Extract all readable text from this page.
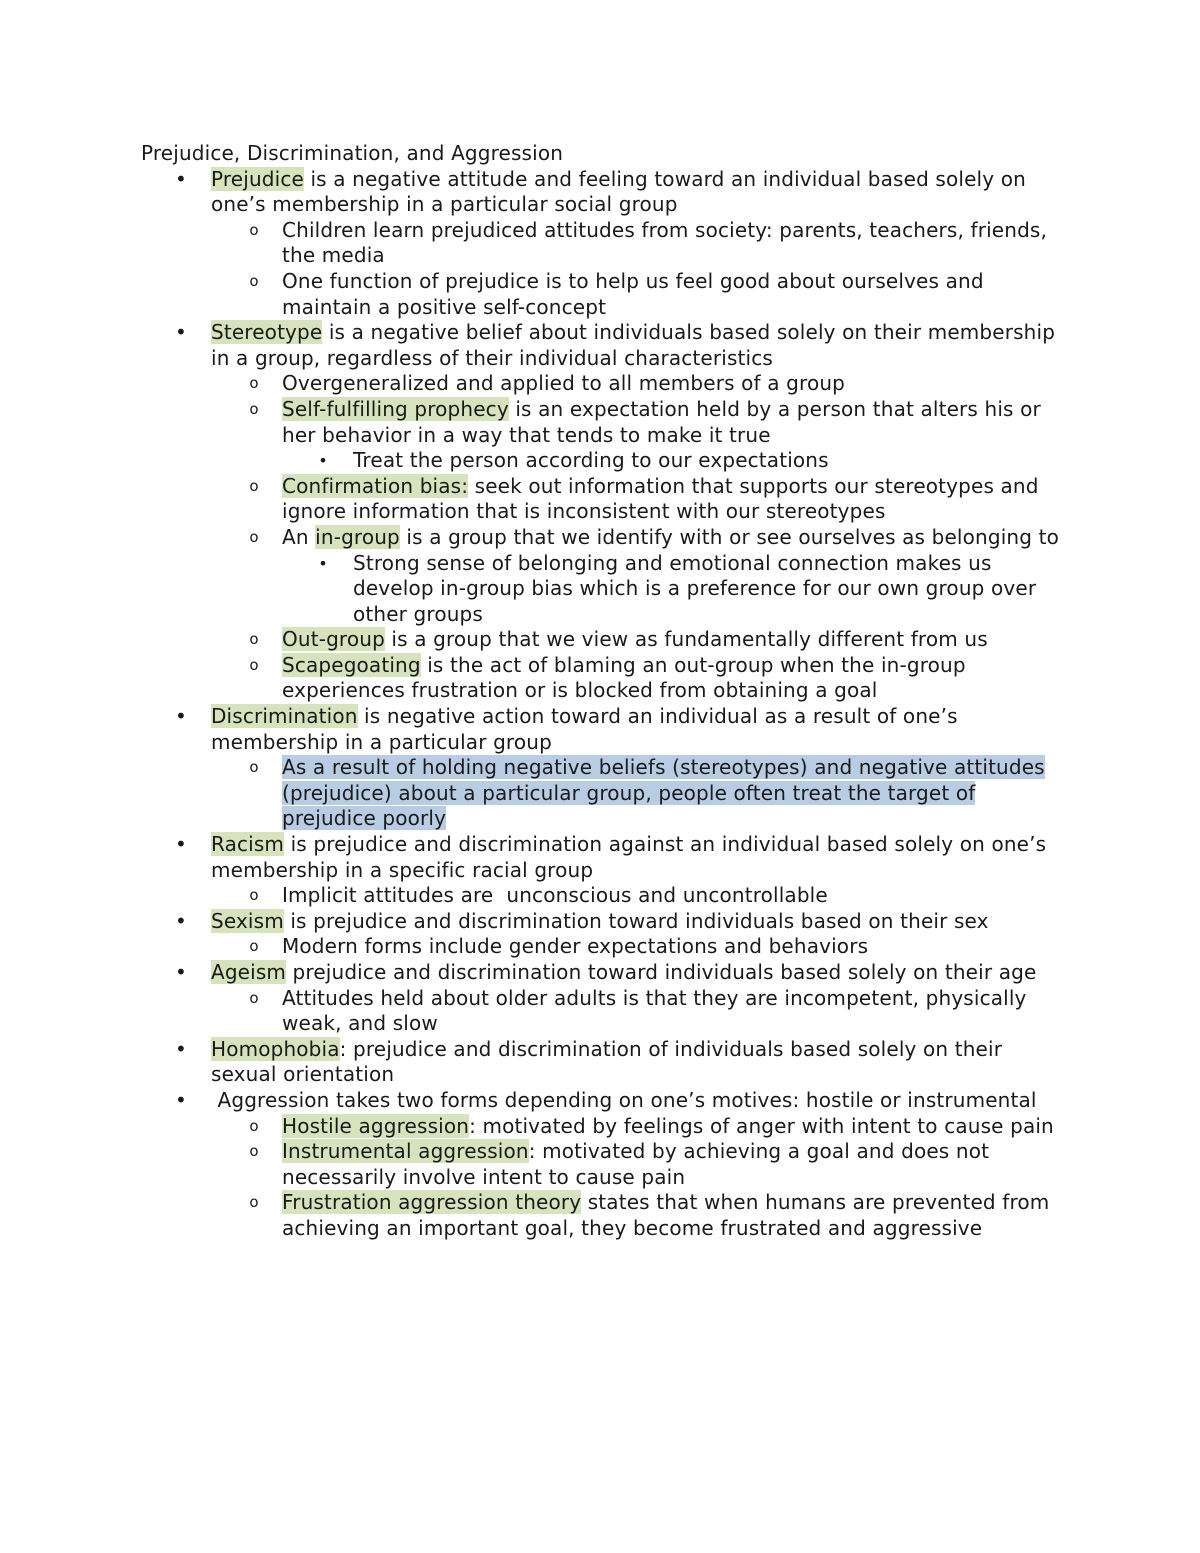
Prejudice, Discrimination, and Aggression
•	Prejudice is a negative attitude and feeling toward an individual based solely on one’s membership in a particular social group
o	Children learn prejudiced attitudes from society: parents, teachers, friends, the media
o	One function of prejudice is to help us feel good about ourselves and maintain a positive self-concept
•	Stereotype is a negative belief about individuals based solely on their membership in a group, regardless of their individual characteristics
o	Overgeneralized and applied to all members of a group
o	Self-fulfilling prophecy is an expectation held by a person that alters his or her behavior in a way that tends to make it true
•	Treat the person according to our expectations
o	Confirmation bias: seek out information that supports our stereotypes and ignore information that is inconsistent with our stereotypes
o	An in-group is a group that we identify with or see ourselves as belonging to
•	Strong sense of belonging and emotional connection makes us develop in-group bias which is a preference for our own group over other groups
o	Out-group is a group that we view as fundamentally different from us
o	Scapegoating is the act of blaming an out-group when the in-group experiences frustration or is blocked from obtaining a goal
•	Discrimination is negative action toward an individual as a result of one’s membership in a particular group
o	As a result of holding negative beliefs (stereotypes) and negative attitudes (prejudice) about a particular group, people often treat the target of prejudice poorly
•	Racism is prejudice and discrimination against an individual based solely on one’s membership in a specific racial group
o	Implicit attitudes are  unconscious and uncontrollable
•	Sexism is prejudice and discrimination toward individuals based on their sex
o	Modern forms include gender expectations and behaviors
•	Ageism prejudice and discrimination toward individuals based solely on their age
o	Attitudes held about older adults is that they are incompetent, physically weak, and slow
•	Homophobia: prejudice and discrimination of individuals based solely on their sexual orientation
•	Aggression takes two forms depending on one’s motives: hostile or instrumental
o	Hostile aggression: motivated by feelings of anger with intent to cause pain
o	Instrumental aggression: motivated by achieving a goal and does not necessarily involve intent to cause pain
o	Frustration aggression theory states that when humans are prevented from achieving an important goal, they become frustrated and aggressive
